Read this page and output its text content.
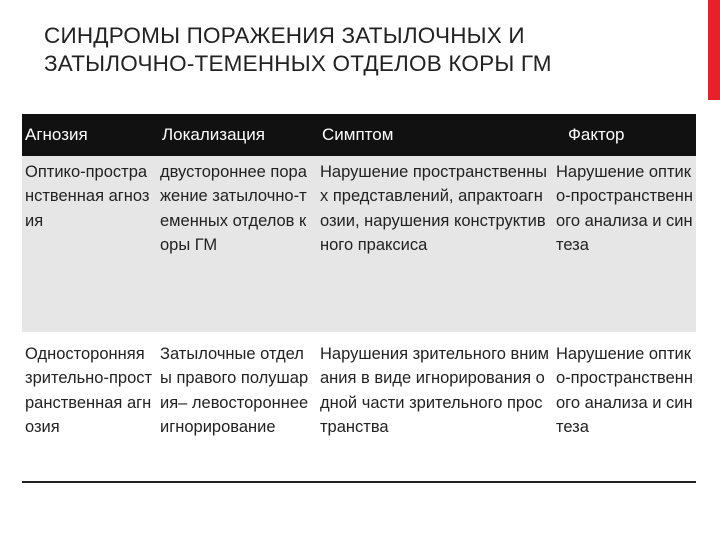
СИНДРОМЫ ПОРАЖЕНИЯ ЗАТЫЛОЧНЫХ И
ЗАТЫЛОЧНО-ТЕМЕННЫХ ОТДЕЛОВ КОРЫ ГМ
Агнозия	Локализация	Симптом	Фактор
Оптико-пространственная агнозия	двустороннее поражение затылочно-теменных отделов коры ГМ	Нарушение пространственных представлений, апрактоагнозии, нарушения конструктивного праксиса	Нарушение оптико-пространственного анализа и синтеза
Односторонняя зрительно-пространственная агнозия	Затылочные отделы правого полушария– левостороннее игнорирование	Нарушения зрительного внимания в виде игнорирования одной части зрительного пространства	Нарушение оптико-пространственного анализа и синтеза
